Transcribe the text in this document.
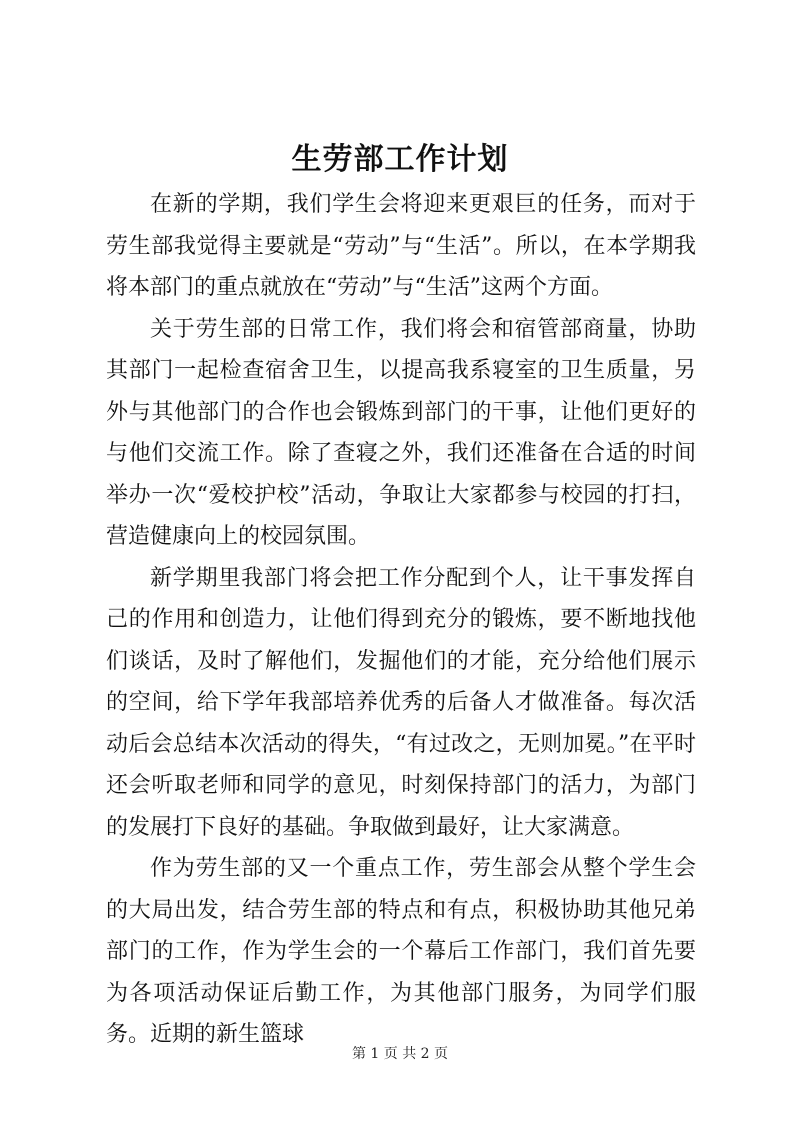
生劳部工作计划

在新的学期，我们学生会将迎来更艰巨的任务，而对于劳生部我觉得主要就是“劳动”与“生活”。所以，在本学期我将本部门的重点就放在“劳动”与“生活”这两个方面。

关于劳生部的日常工作，我们将会和宿管部商量，协助其部门一起检查宿舍卫生，以提高我系寝室的卫生质量，另外与其他部门的合作也会锻炼到部门的干事，让他们更好的与他们交流工作。除了查寝之外，我们还准备在合适的时间举办一次“爱校护校”活动，争取让大家都参与校园的打扫，营造健康向上的校园氛围。

新学期里我部门将会把工作分配到个人，让干事发挥自己的作用和创造力，让他们得到充分的锻炼，要不断地找他们谈话，及时了解他们，发掘他们的才能，充分给他们展示的空间，给下学年我部培养优秀的后备人才做准备。每次活动后会总结本次活动的得失，“有过改之，无则加冕。”在平时还会听取老师和同学的意见，时刻保持部门的活力，为部门的发展打下良好的基础。争取做到最好，让大家满意。

作为劳生部的又一个重点工作，劳生部会从整个学生会的大局出发，结合劳生部的特点和有点，积极协助其他兄弟部门的工作，作为学生会的一个幕后工作部门，我们首先要为各项活动保证后勤工作，为其他部门服务，为同学们服务。近期的新生篮球

第 1 页 共 2 页
